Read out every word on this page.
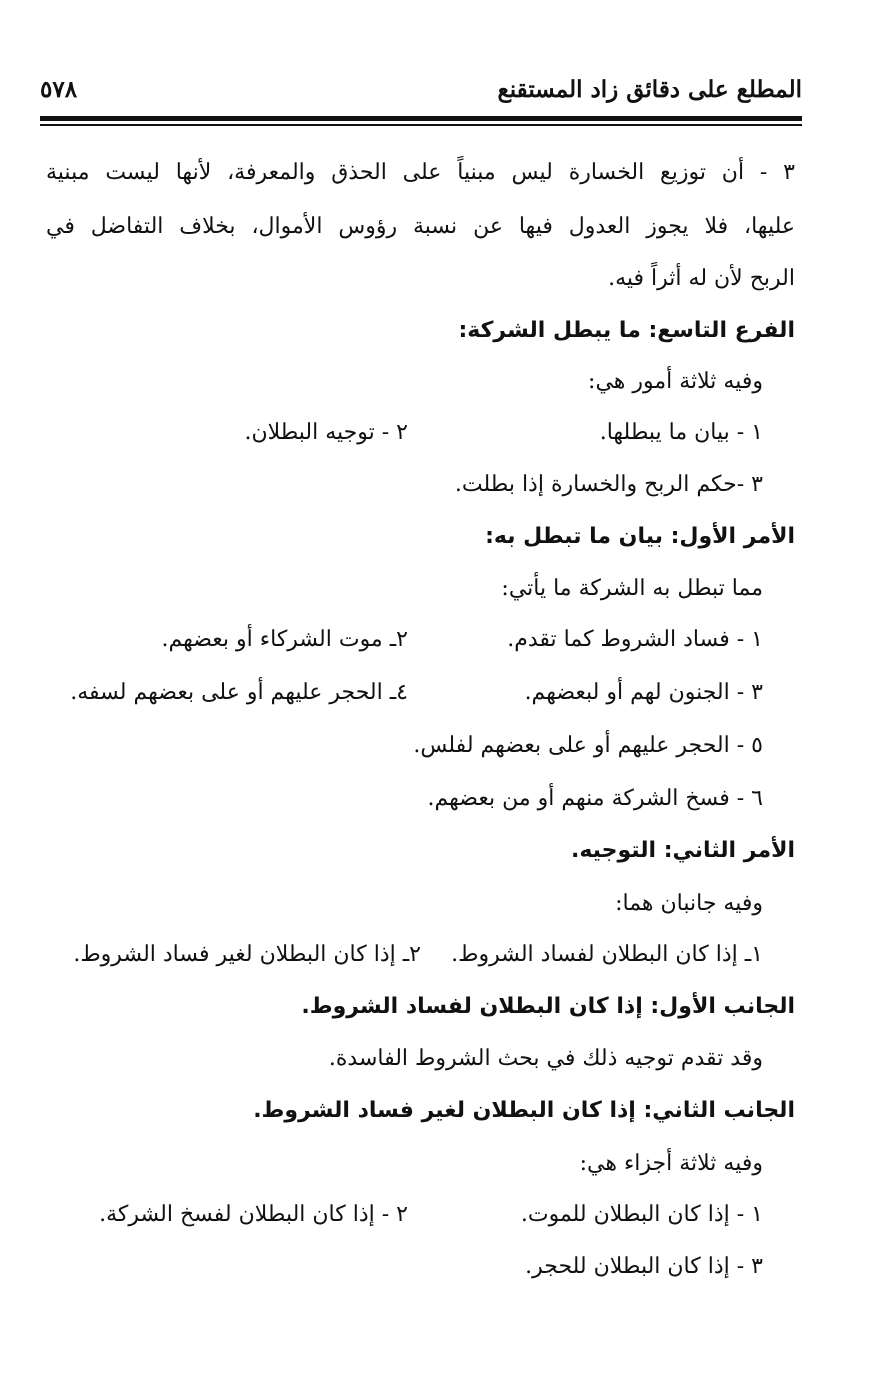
المطلع على دقائق زاد المستقنع
٥٧٨
٣ - أن توزيع الخسارة ليس مبنياً على الحذق والمعرفة، لأنها ليست مبنية
عليها، فلا يجوز العدول فيها عن نسبة رؤوس الأموال، بخلاف التفاضل في
الربح لأن له أثراً فيه.
الفرع التاسع: ما يبطل الشركة:
وفيه ثلاثة أمور هي:
١ - بيان ما يبطلها.
٢ - توجيه البطلان.
٣ -حكم الربح والخسارة إذا بطلت.
الأمر الأول: بيان ما تبطل به:
مما تبطل به الشركة ما يأتي:
١ - فساد الشروط كما تقدم.
٢ـ موت الشركاء أو بعضهم.
٣ - الجنون لهم أو لبعضهم.
٤ـ الحجر عليهم أو على بعضهم لسفه.
٥ - الحجر عليهم أو على بعضهم لفلس.
٦ - فسخ الشركة منهم أو من بعضهم.
الأمر الثاني: التوجيه.
وفيه جانبان هما:
١ـ إذا كان البطلان لفساد الشروط.
٢ـ إذا كان البطلان لغير فساد الشروط.
الجانب الأول: إذا كان البطلان لفساد الشروط.
وقد تقدم توجيه ذلك في بحث الشروط الفاسدة.
الجانب الثاني: إذا كان البطلان لغير فساد الشروط.
وفيه ثلاثة أجزاء هي:
١ - إذا كان البطلان للموت.
٢ - إذا كان البطلان لفسخ الشركة.
٣ - إذا كان البطلان للحجر.
